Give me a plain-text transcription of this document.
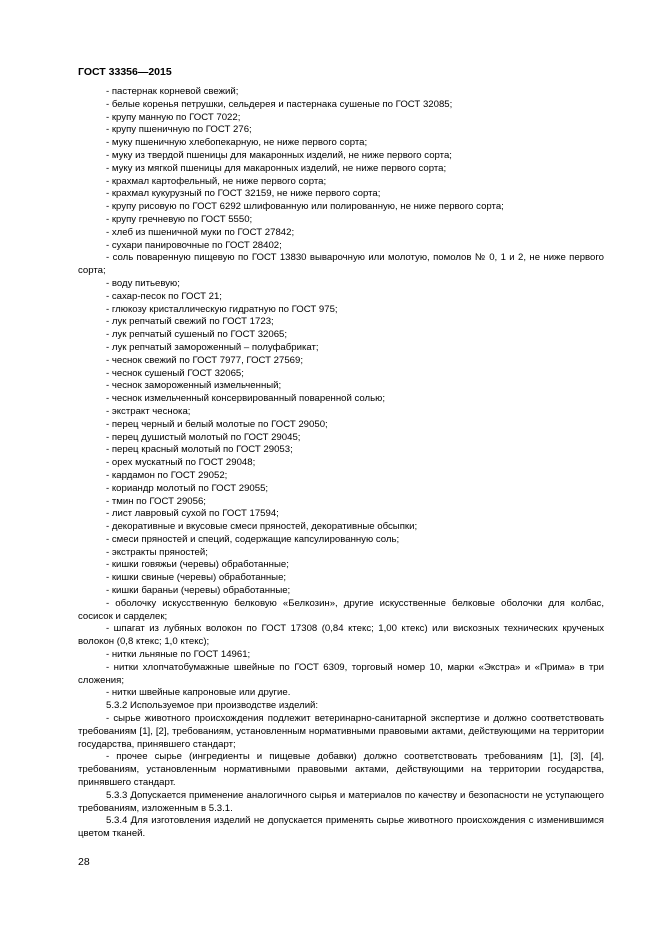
ГОСТ 33356—2015

- пастернак корневой свежий;

- белые коренья петрушки, сельдерея и пастернака сушеные по ГОСТ 32085;

- крупу манную по ГОСТ 7022;

- крупу пшеничную по ГОСТ 276;

- муку пшеничную хлебопекарную, не ниже первого сорта;

- муку из твердой пшеницы для макаронных изделий, не ниже первого сорта;

- муку из мягкой пшеницы для макаронных изделий, не ниже первого сорта;

- крахмал картофельный, не ниже первого сорта;

- крахмал кукурузный по ГОСТ 32159, не ниже первого сорта;

- крупу рисовую по ГОСТ 6292 шлифованную или полированную, не ниже первого сорта;

- крупу гречневую по ГОСТ 5550;

- хлеб из пшеничной муки по ГОСТ 27842;

- сухари панировочные по ГОСТ 28402;

- соль поваренную пищевую по ГОСТ 13830 выварочную или молотую, помолов № 0, 1 и 2, не ниже первого сорта;

- воду питьевую;

- сахар-песок по ГОСТ 21;

- глюкозу кристаллическую гидратную по ГОСТ 975;

- лук репчатый свежий по ГОСТ 1723;

- лук репчатый сушеный по ГОСТ 32065;

- лук репчатый замороженный – полуфабрикат;

- чеснок свежий по ГОСТ 7977, ГОСТ 27569;

- чеснок сушеный ГОСТ 32065;

- чеснок замороженный измельченный;

- чеснок измельченный консервированный поваренной солью;

- экстракт чеснока;

- перец черный и белый молотые по ГОСТ 29050;

- перец душистый молотый по ГОСТ 29045;

- перец красный молотый по ГОСТ 29053;

- орех мускатный по ГОСТ 29048;

- кардамон по ГОСТ 29052;

- кориандр молотый по ГОСТ 29055;

- тмин по ГОСТ 29056;

- лист лавровый сухой по ГОСТ 17594;

- декоративные и вкусовые смеси пряностей, декоративные обсыпки;

- смеси пряностей и специй, содержащие капсулированную соль;

- экстракты пряностей;

- кишки говяжьи (черевы) обработанные;

- кишки свиные (черевы) обработанные;

- кишки бараньи (черевы) обработанные;

- оболочку искусственную белковую «Белкозин», другие искусственные белковые оболочки для колбас, сосисок и сарделек;

- шпагат из лубяных волокон по ГОСТ 17308 (0,84 ктекс; 1,00 ктекс) или вискозных технических крученых волокон (0,8 ктекс; 1,0 ктекс);

- нитки льняные по ГОСТ 14961;

- нитки хлопчатобумажные швейные по ГОСТ 6309, торговый номер 10, марки «Экстра» и «Прима» в три сложения;

- нитки швейные капроновые или другие.

5.3.2 Используемое при производстве изделий:

- сырье животного происхождения подлежит ветеринарно-санитарной экспертизе и должно соответствовать требованиям [1], [2], требованиям, установленным нормативными правовыми актами, действующими на территории государства, принявшего стандарт;

- прочее сырье (ингредиенты и пищевые добавки) должно соответствовать требованиям [1], [3], [4], требованиям, установленным нормативными правовыми актами, действующими на территории государства, принявшего стандарт.

5.3.3 Допускается применение аналогичного сырья и материалов по качеству и безопасности не уступающего требованиям, изложенным в 5.3.1.

5.3.4 Для изготовления изделий не допускается применять сырье животного происхождения с изменившимся цветом тканей.

28
